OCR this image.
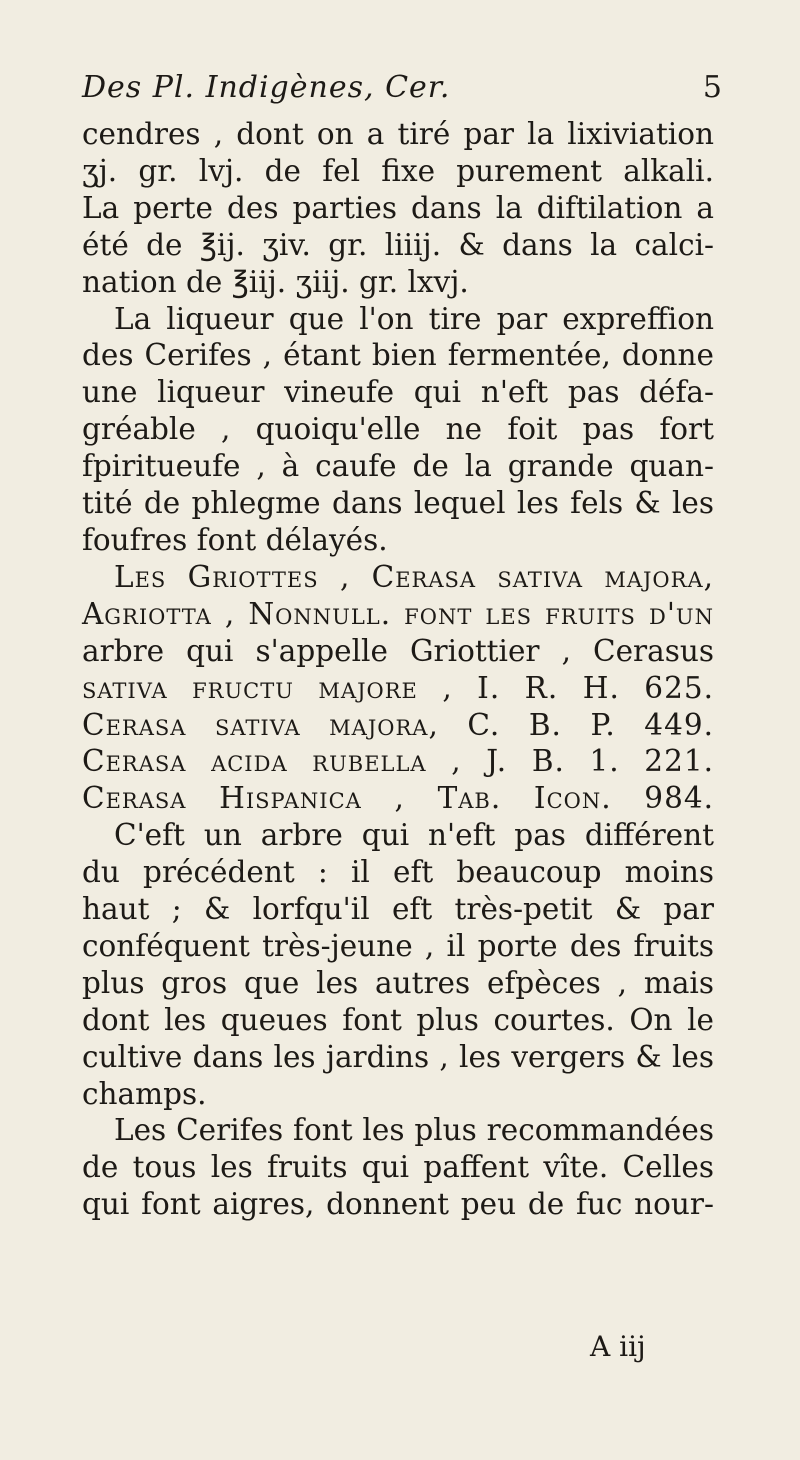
Des Pl. Indigènes, Cer.	5
cendres , dont on a tiré par la lixiviation
ʒj. gr. lvj. de fel fixe purement alkali.
La perte des parties dans la diftilation a
été de ℥ij. ʒiv. gr. liiij. & dans la calci-
nation de ℥iij. ʒiij. gr. lxvj.
La liqueur que l'on tire par expreffion
des Cerifes , étant bien fermentée, donne
une liqueur vineufe qui n'eft pas défa-
gréable , quoiqu'elle ne foit pas fort
fpiritueufe , à caufe de la grande quan-
tité de phlegme dans lequel les fels & les
foufres font délayés.
Les Griottes , Cerasa sativa majora,
Agriotta , Nonnull. font les fruits d'un
arbre qui s'appelle Griottier , Cerasus
sativa fructu majore , I. R. H. 625.
Cerasa sativa majora, C. B. P. 449.
Cerasa acida rubella , J. B. 1. 221.
Cerasa Hispanica , Tab. Icon. 984.
C'eft un arbre qui n'eft pas différent
du précédent : il eft beaucoup moins
haut ; & lorfqu'il eft très-petit & par
conféquent très-jeune , il porte des fruits
plus gros que les autres efpèces , mais
dont les queues font plus courtes. On le
cultive dans les jardins , les vergers & les
champs.
Les Cerifes font les plus recommandées
de tous les fruits qui paffent vîte. Celles
qui font aigres, donnent peu de fuc nour-
A iij
